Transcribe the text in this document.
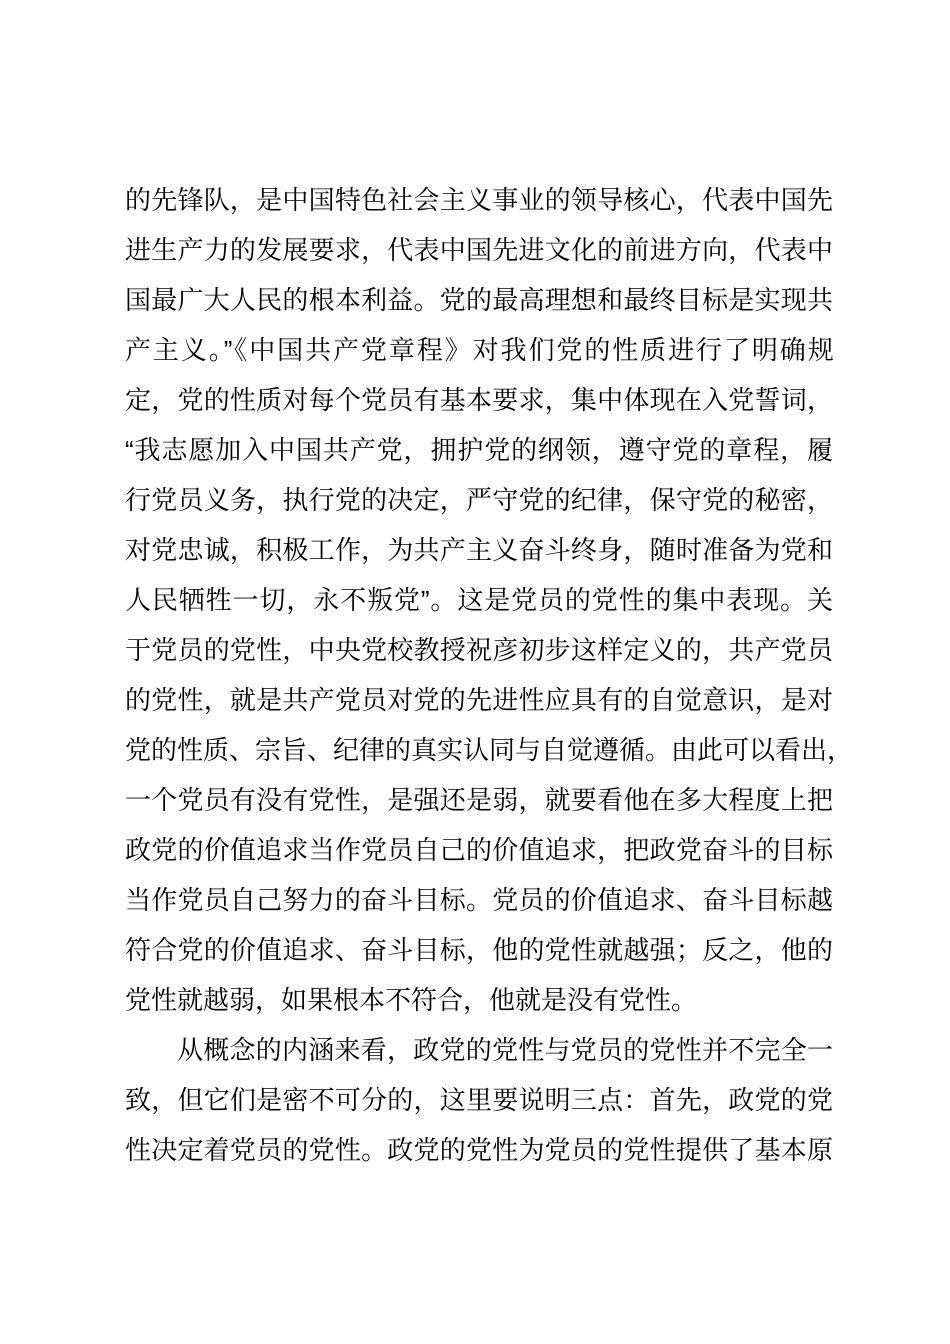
的先锋队，是中国特色社会主义事业的领导核心，代表中国先
进生产力的发展要求，代表中国先进文化的前进方向，代表中
国最广大人民的根本利益。党的最高理想和最终目标是实现共
产主义。”《中国共产党章程》对我们党的性质进行了明确规
定，党的性质对每个党员有基本要求，集中体现在入党誓词，
“我志愿加入中国共产党，拥护党的纲领，遵守党的章程，履
行党员义务，执行党的决定，严守党的纪律，保守党的秘密，
对党忠诚，积极工作，为共产主义奋斗终身，随时准备为党和
人民牺牲一切，永不叛党”。这是党员的党性的集中表现。关
于党员的党性，中央党校教授祝彦初步这样定义的，共产党员
的党性，就是共产党员对党的先进性应具有的自觉意识，是对
党的性质、宗旨、纪律的真实认同与自觉遵循。由此可以看出，
一个党员有没有党性，是强还是弱，就要看他在多大程度上把
政党的价值追求当作党员自己的价值追求，把政党奋斗的目标
当作党员自己努力的奋斗目标。党员的价值追求、奋斗目标越
符合党的价值追求、奋斗目标，他的党性就越强；反之，他的
党性就越弱，如果根本不符合，他就是没有党性。
从概念的内涵来看，政党的党性与党员的党性并不完全一
致，但它们是密不可分的，这里要说明三点：首先，政党的党
性决定着党员的党性。政党的党性为党员的党性提供了基本原
